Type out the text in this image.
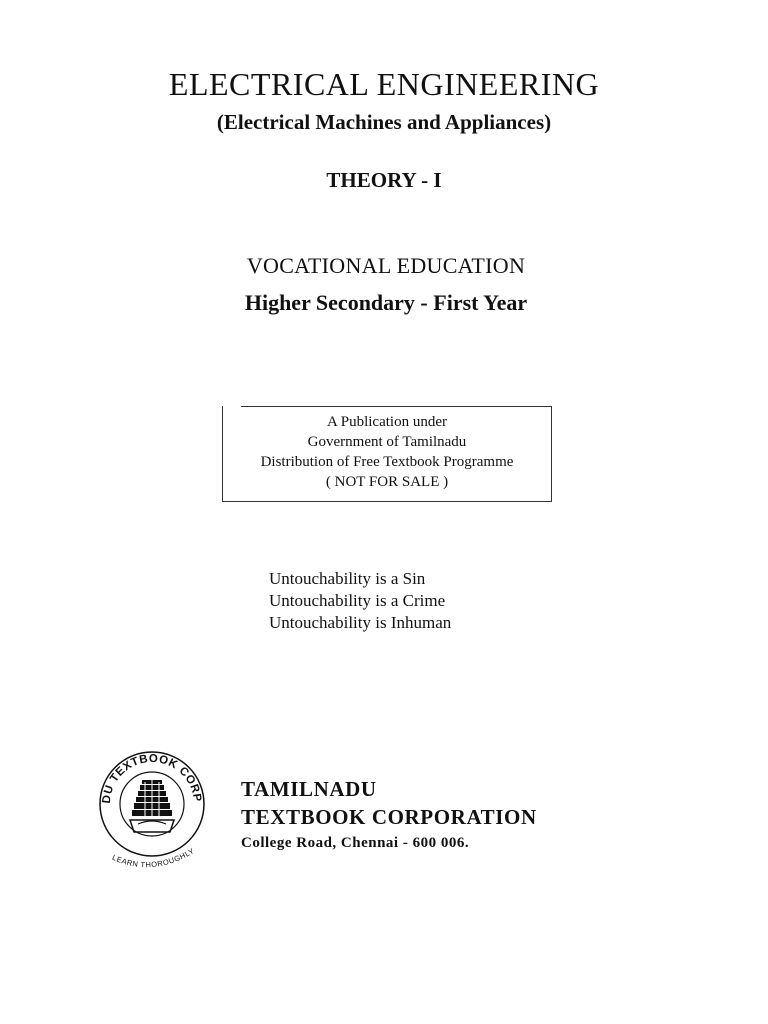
ELECTRICAL ENGINEERING
(Electrical Machines and Appliances)
THEORY - I
VOCATIONAL EDUCATION
Higher Secondary - First Year
A Publication under
Government of Tamilnadu
Distribution of Free Textbook Programme
( NOT FOR SALE )
Untouchability is a Sin
Untouchability is a Crime
Untouchability is Inhuman
DU TEXTBOOK CORP
LEARN THOROUGHLY
TAMILNADU
TEXTBOOK CORPORATION
College Road, Chennai - 600 006.
